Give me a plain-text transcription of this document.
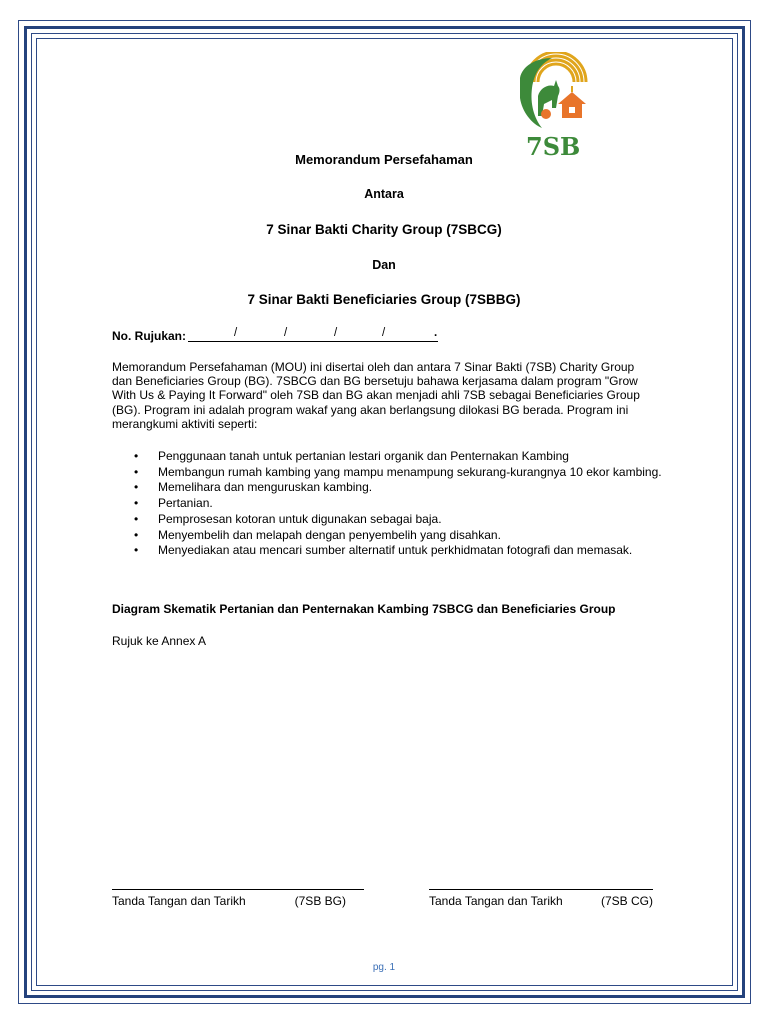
7SB
Memorandum Persefahaman
Antara
7 Sinar Bakti Charity Group (7SBCG)
Dan
7 Sinar Bakti Beneficiaries Group (7SBBG)
No. Rujukan:	/	/	/	/	.
Memorandum Persefahaman (MOU) ini disertai oleh dan antara 7 Sinar Bakti (7SB) Charity Group dan Beneficiaries Group (BG). 7SBCG dan BG bersetuju bahawa kerjasama dalam program "Grow With Us & Paying It Forward" oleh 7SB dan BG akan menjadi ahli 7SB sebagai Beneficiaries Group (BG). Program ini adalah program wakaf yang akan berlangsung dilokasi BG berada. Program ini merangkumi aktiviti seperti:
• Penggunaan tanah untuk pertanian lestari organik dan Penternakan Kambing
• Membangun rumah kambing yang mampu menampung sekurang-kurangnya 10 ekor kambing.
• Memelihara dan menguruskan kambing.
• Pertanian.
• Pemprosesan kotoran untuk digunakan sebagai baja.
• Menyembelih dan melapah dengan penyembelih yang disahkan.
• Menyediakan atau mencari sumber alternatif untuk perkhidmatan fotografi dan memasak.
Diagram Skematik Pertanian dan Penternakan Kambing 7SBCG dan Beneficiaries Group
Rujuk ke Annex A
Tanda Tangan dan Tarikh	(7SB BG)	Tanda Tangan dan Tarikh	(7SB CG)
pg. 1
